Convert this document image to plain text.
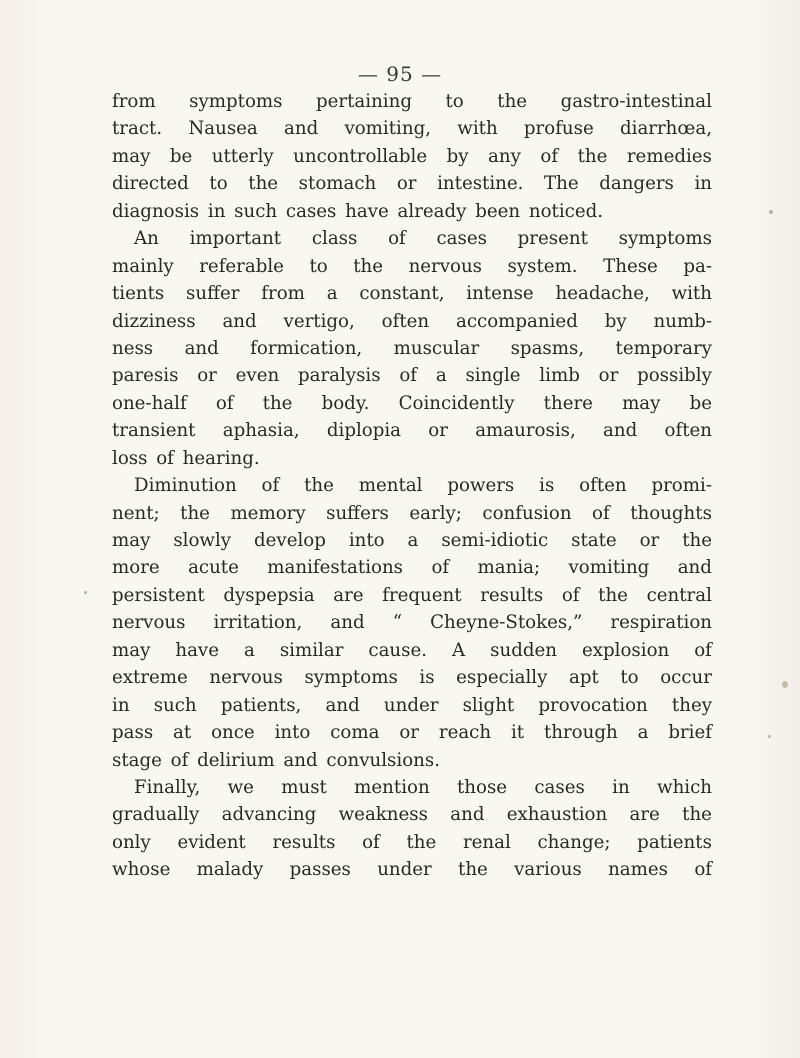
— 95 —
from symptoms pertaining to the gastro-intestinal
tract. Nausea and vomiting, with profuse diarrhœa,
may be utterly uncontrollable by any of the remedies
directed to the stomach or intestine. The dangers in
diagnosis in such cases have already been noticed.
An important class of cases present symptoms
mainly referable to the nervous system. These pa-
tients suffer from a constant, intense headache, with
dizziness and vertigo, often accompanied by numb-
ness and formication, muscular spasms, temporary
paresis or even paralysis of a single limb or possibly
one-half of the body. Coincidently there may be
transient aphasia, diplopia or amaurosis, and often
loss of hearing.
Diminution of the mental powers is often promi-
nent; the memory suffers early; confusion of thoughts
may slowly develop into a semi-idiotic state or the
more acute manifestations of mania; vomiting and
persistent dyspepsia are frequent results of the central
nervous irritation, and “ Cheyne-Stokes,” respiration
may have a similar cause. A sudden explosion of
extreme nervous symptoms is especially apt to occur
in such patients, and under slight provocation they
pass at once into coma or reach it through a brief
stage of delirium and convulsions.
Finally, we must mention those cases in which
gradually advancing weakness and exhaustion are the
only evident results of the renal change; patients
whose malady passes under the various names of
